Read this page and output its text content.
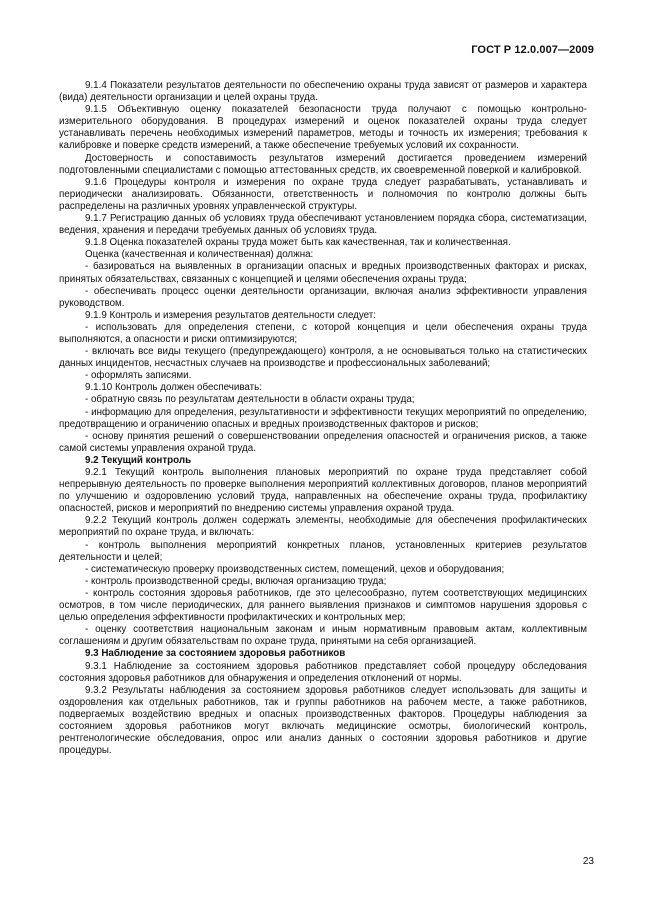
ГОСТ Р 12.0.007—2009

9.1.4 Показатели результатов деятельности по обеспечению охраны труда зависят от размеров и характера (вида) деятельности организации и целей охраны труда.

9.1.5 Объективную оценку показателей безопасности труда получают с помощью контрольно-измерительного оборудования. В процедурах измерений и оценок показателей охраны труда следует устанавливать перечень необходимых измерений параметров, методы и точность их измерения; требования к калибровке и поверке средств измерений, а также обеспечение требуемых условий их сохранности.

Достоверность и сопоставимость результатов измерений достигается проведением измерений подготовленными специалистами с помощью аттестованных средств, их своевременной поверкой и калибровкой.

9.1.6 Процедуры контроля и измерения по охране труда следует разрабатывать, устанавливать и периодически анализировать. Обязанности, ответственность и полномочия по контролю должны быть распределены на различных уровнях управленческой структуры.

9.1.7 Регистрацию данных об условиях труда обеспечивают установлением порядка сбора, систематизации, ведения, хранения и передачи требуемых данных об условиях труда.

9.1.8 Оценка показателей охраны труда может быть как качественная, так и количественная.

Оценка (качественная и количественная) должна:

- базироваться на выявленных в организации опасных и вредных производственных факторах и рисках, принятых обязательствах, связанных с концепцией и целями обеспечения охраны труда;

- обеспечивать процесс оценки деятельности организации, включая анализ эффективности управления руководством.

9.1.9 Контроль и измерения результатов деятельности следует:

- использовать для определения степени, с которой концепция и цели обеспечения охраны труда выполняются, а опасности и риски оптимизируются;

- включать все виды текущего (предупреждающего) контроля, а не основываться только на статистических данных инцидентов, несчастных случаев на производстве и профессиональных заболеваний;

- оформлять записями.

9.1.10 Контроль должен обеспечивать:

- обратную связь по результатам деятельности в области охраны труда;

- информацию для определения, результативности и эффективности текущих мероприятий по определению, предотвращению и ограничению опасных и вредных производственных факторов и рисков;

- основу принятия решений о совершенствовании определения опасностей и ограничения рисков, а также самой системы управления охраной труда.

9.2 Текущий контроль

9.2.1 Текущий контроль выполнения плановых мероприятий по охране труда представляет собой непрерывную деятельность по проверке выполнения мероприятий коллективных договоров, планов мероприятий по улучшению и оздоровлению условий труда, направленных на обеспечение охраны труда, профилактику опасностей, рисков и мероприятий по внедрению системы управления охраной труда.

9.2.2 Текущий контроль должен содержать элементы, необходимые для обеспечения профилактических мероприятий по охране труда, и включать:

- контроль выполнения мероприятий конкретных планов, установленных критериев результатов деятельности и целей;

- систематическую проверку производственных систем, помещений, цехов и оборудования;

- контроль производственной среды, включая организацию труда;

- контроль состояния здоровья работников, где это целесообразно, путем соответствующих медицинских осмотров, в том числе периодических, для раннего выявления признаков и симптомов нарушения здоровья с целью определения эффективности профилактических и контрольных мер;

- оценку соответствия национальным законам и иным нормативным правовым актам, коллективным соглашениям и другим обязательствам по охране труда, принятыми на себя организацией.

9.3 Наблюдение за состоянием здоровья работников

9.3.1 Наблюдение за состоянием здоровья работников представляет собой процедуру обследования состояния здоровья работников для обнаружения и определения отклонений от нормы.

9.3.2 Результаты наблюдения за состоянием здоровья работников следует использовать для защиты и оздоровления как отдельных работников, так и группы работников на рабочем месте, а также работников, подвергаемых воздействию вредных и опасных производственных факторов. Процедуры наблюдения за состоянием здоровья работников могут включать медицинские осмотры, биологический контроль, рентгенологические обследования, опрос или анализ данных о состоянии здоровья работников и другие процедуры.

23
